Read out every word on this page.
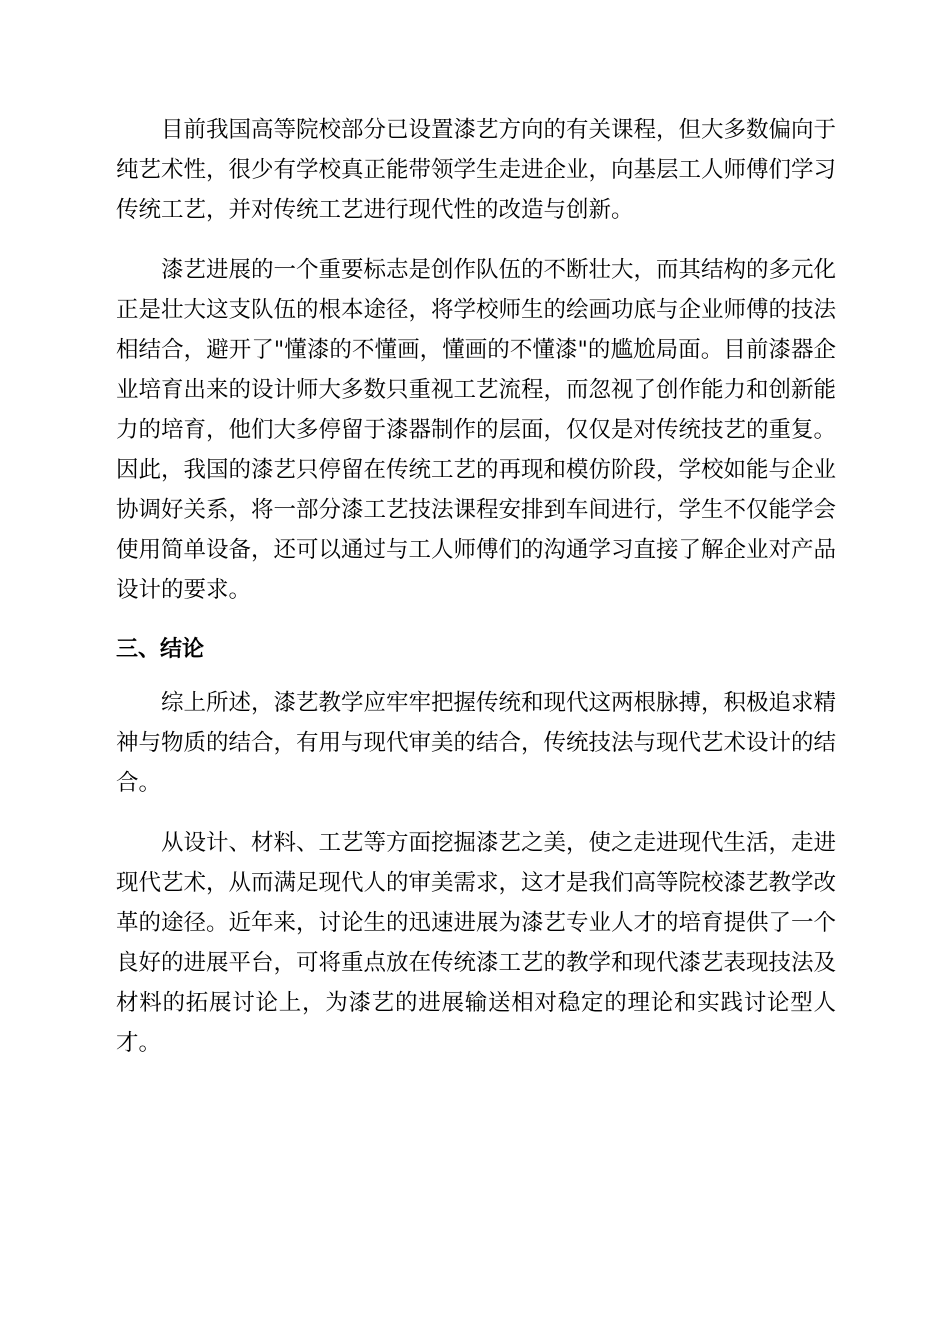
目前我国高等院校部分已设置漆艺方向的有关课程，但大多数偏向于纯艺术性，很少有学校真正能带领学生走进企业，向基层工人师傅们学习传统工艺，并对传统工艺进行现代性的改造与创新。

漆艺进展的一个重要标志是创作队伍的不断壮大，而其结构的多元化正是壮大这支队伍的根本途径，将学校师生的绘画功底与企业师傅的技法相结合，避开了"懂漆的不懂画，懂画的不懂漆"的尴尬局面。目前漆器企业培育出来的设计师大多数只重视工艺流程，而忽视了创作能力和创新能力的培育，他们大多停留于漆器制作的层面，仅仅是对传统技艺的重复。因此，我国的漆艺只停留在传统工艺的再现和模仿阶段，学校如能与企业协调好关系，将一部分漆工艺技法课程安排到车间进行，学生不仅能学会使用简单设备，还可以通过与工人师傅们的沟通学习直接了解企业对产品设计的要求。

三、结论

综上所述，漆艺教学应牢牢把握传统和现代这两根脉搏，积极追求精神与物质的结合，有用与现代审美的结合，传统技法与现代艺术设计的结合。

从设计、材料、工艺等方面挖掘漆艺之美，使之走进现代生活，走进现代艺术，从而满足现代人的审美需求，这才是我们高等院校漆艺教学改革的途径。近年来，讨论生的迅速进展为漆艺专业人才的培育提供了一个良好的进展平台，可将重点放在传统漆工艺的教学和现代漆艺表现技法及材料的拓展讨论上，为漆艺的进展输送相对稳定的理论和实践讨论型人才。
